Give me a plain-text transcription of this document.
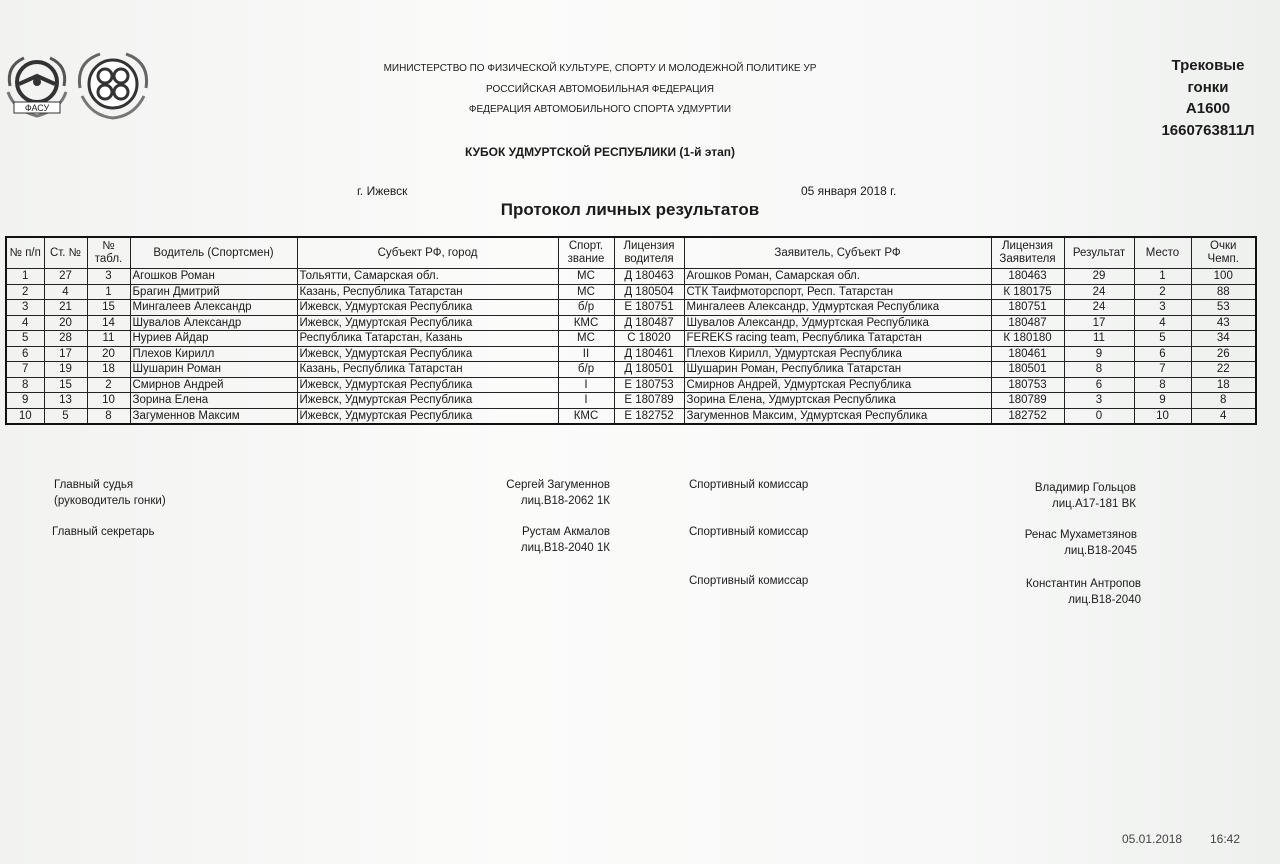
ФАСУ
МИНИСТЕРСТВО ПО ФИЗИЧЕСКОЙ КУЛЬТУРЕ, СПОРТУ И МОЛОДЕЖНОЙ ПОЛИТИКЕ УР
РОССИЙСКАЯ АВТОМОБИЛЬНАЯ ФЕДЕРАЦИЯ
ФЕДЕРАЦИЯ АВТОМОБИЛЬНОГО СПОРТА УДМУРТИИ
КУБОК УДМУРТСКОЙ РЕСПУБЛИКИ (1-й этап)
г. Ижевск	05 января 2018 г.
Протокол личных результатов
Трековые
гонки
А1600
1660763811Л
№ п/п	Ст. №	№ табл.	Водитель (Спортсмен)	Субъект РФ, город	Спорт. звание	Лицензия водителя	Заявитель, Субъект РФ	Лицензия Заявителя	Результат	Место	Очки Чемп.
1	27	3	Агошков Роман	Тольятти, Самарская обл.	МС	Д 180463	Агошков Роман, Самарская обл.	180463	29	1	100
2	4	1	Брагин Дмитрий	Казань, Республика Татарстан	МС	Д 180504	СТК Таифмоторспорт, Респ. Татарстан	К 180175	24	2	88
3	21	15	Мингалеев Александр	Ижевск, Удмуртская Республика	б/р	Е 180751	Мингалеев Александр, Удмуртская Республика	180751	24	3	53
4	20	14	Шувалов Александр	Ижевск, Удмуртская Республика	КМС	Д 180487	Шувалов Александр, Удмуртская Республика	180487	17	4	43
5	28	11	Нуриев Айдар	Республика Татарстан, Казань	МС	С 18020	FEREKS racing team, Республика Татарстан	К 180180	11	5	34
6	17	20	Плехов Кирилл	Ижевск, Удмуртская Республика	II	Д 180461	Плехов Кирилл, Удмуртская Республика	180461	9	6	26
7	19	18	Шушарин Роман	Казань, Республика Татарстан	б/р	Д 180501	Шушарин Роман, Республика Татарстан	180501	8	7	22
8	15	2	Смирнов Андрей	Ижевск, Удмуртская Республика	I	Е 180753	Смирнов Андрей, Удмуртская Республика	180753	6	8	18
9	13	10	Зорина Елена	Ижевск, Удмуртская Республика	I	Е 180789	Зорина Елена, Удмуртская Республика	180789	3	9	8
10	5	8	Загуменнов Максим	Ижевск, Удмуртская Республика	КМС	Е 182752	Загуменнов Максим, Удмуртская Республика	182752	0	10	4
Главный судья
(руководитель гонки)
Сергей Загуменнов
лиц.В18-2062 1К
Главный секретарь	Рустам Акмалов
лиц.В18-2040 1К
Спортивный комиссар	Владимир Гольцов
лиц.А17-181 ВК
Спортивный комиссар	Ренас Мухаметзянов
лиц.В18-2045
Спортивный комиссар	Константин Антропов
лиц.В18-2040
05.01.2018 16:42
